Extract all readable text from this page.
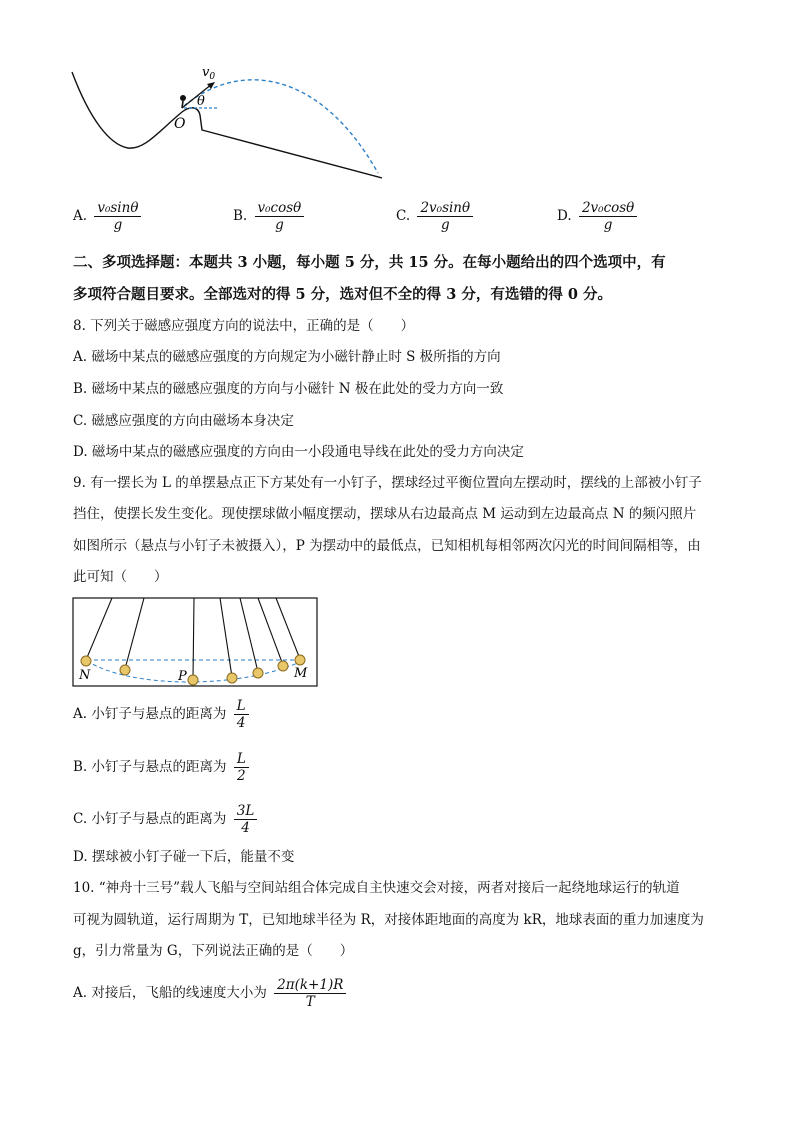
$v_0$
θ
O
A. $\frac{\text{v₀sinθ}}{g}$	B. $\frac{\text{v₀cosθ}}{g}$	C. $\frac{\text{2v₀sinθ}}{g}$	D. $\frac{\text{2v₀cosθ}}{g}$
二、多项选择题：本题共 3 小题，每小题 5 分，共 15 分。在每小题给出的四个选项中，有
多项符合题目要求。全部选对的得 5 分，选对但不全的得 3 分，有选错的得 0 分。
8. 下列关于磁感应强度方向的说法中，正确的是（　　）
A. 磁场中某点的磁感应强度的方向规定为小磁针静止时 S 极所指的方向
B. 磁场中某点的磁感应强度的方向与小磁针 N 极在此处的受力方向一致
C. 磁感应强度的方向由磁场本身决定
D. 磁场中某点的磁感应强度的方向由一小段通电导线在此处的受力方向决定
9. 有一摆长为 L 的单摆悬点正下方某处有一小钉子，摆球经过平衡位置向左摆动时，摆线的上部被小钉子
挡住，使摆长发生变化。现使摆球做小幅度摆动，摆球从右边最高点 M 运动到左边最高点 N 的频闪照片
如图所示（悬点与小钉子未被摄入），P 为摆动中的最低点，已知相机每相邻两次闪光的时间间隔相等，由
此可知（　　）
N	P	M
A. 小钉子与悬点的距离为 $\frac{L}{4}$
B. 小钉子与悬点的距离为 $\frac{L}{2}$
C. 小钉子与悬点的距离为 $\frac{3L}{4}$
D. 摆球被小钉子碰一下后，能量不变
10. “神舟十三号”载人飞船与空间站组合体完成自主快速交会对接，两者对接后一起绕地球运行的轨道
可视为圆轨道，运行周期为 T，已知地球半径为 R，对接体距地面的高度为 kR，地球表面的重力加速度为
g，引力常量为 G，下列说法正确的是（　　）
A. 对接后，飞船的线速度大小为 $\frac{2\pi(k+1)R}{T}$
